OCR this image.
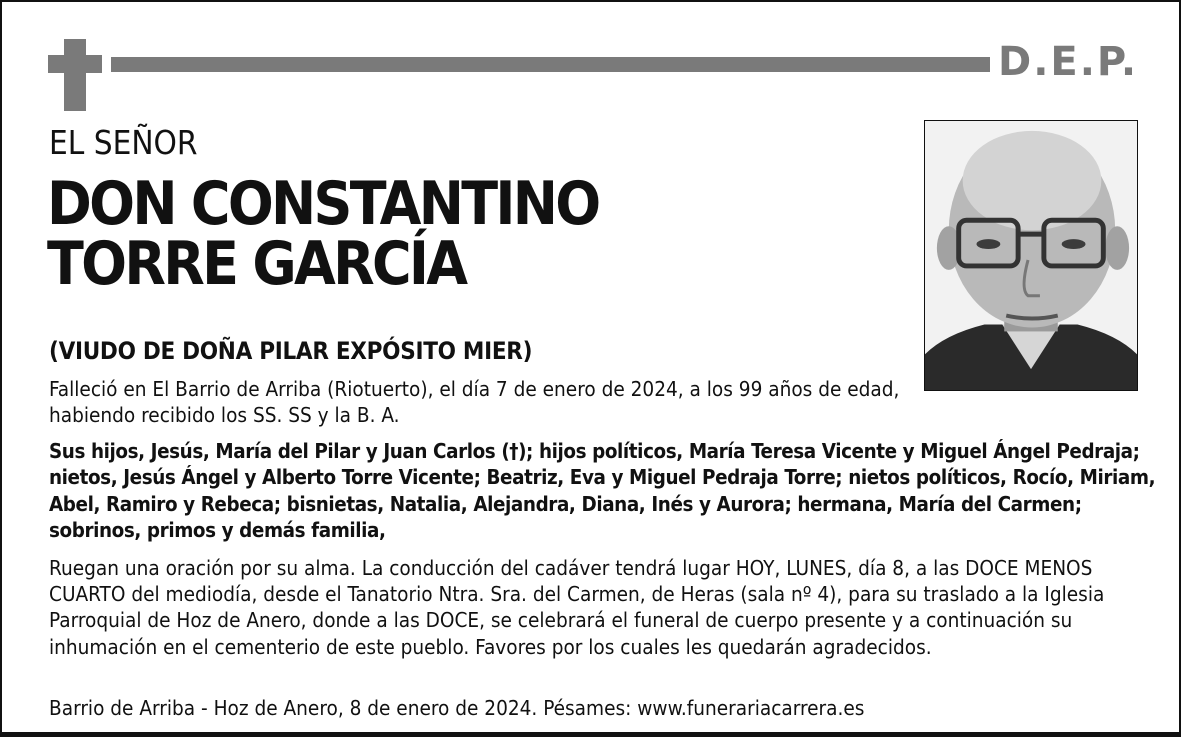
D.E.P.
EL SEÑOR
DON CONSTANTINO
TORRE GARCÍA
(VIUDO DE DOÑA PILAR EXPÓSITO MIER)

Falleció en El Barrio de Arriba (Riotuerto), el día 7 de enero de 2024, a los 99 años de edad, habiendo recibido los SS. SS y la B. A.

Sus hijos, Jesús, María del Pilar y Juan Carlos (†); hijos políticos, María Teresa Vicente y Miguel Ángel Pedraja; nietos, Jesús Ángel y Alberto Torre Vicente; Beatriz, Eva y Miguel Pedraja Torre; nietos políticos, Rocío, Miriam, Abel, Ramiro y Rebeca; bisnietas, Natalia, Alejandra, Diana, Inés y Aurora; hermana, María del Carmen; sobrinos, primos y demás familia,

Ruegan una oración por su alma. La conducción del cadáver tendrá lugar HOY, LUNES, día 8, a las DOCE MENOS CUARTO del mediodía, desde el Tanatorio Ntra. Sra. del Carmen, de Heras (sala nº 4), para su traslado a la Iglesia Parroquial de Hoz de Anero, donde a las DOCE, se celebrará el funeral de cuerpo presente y a continuación su inhumación en el cementerio de este pueblo. Favores por los cuales les quedarán agradecidos.

Barrio de Arriba - Hoz de Anero, 8 de enero de 2024. Pésames: www.funerariacarrera.es
